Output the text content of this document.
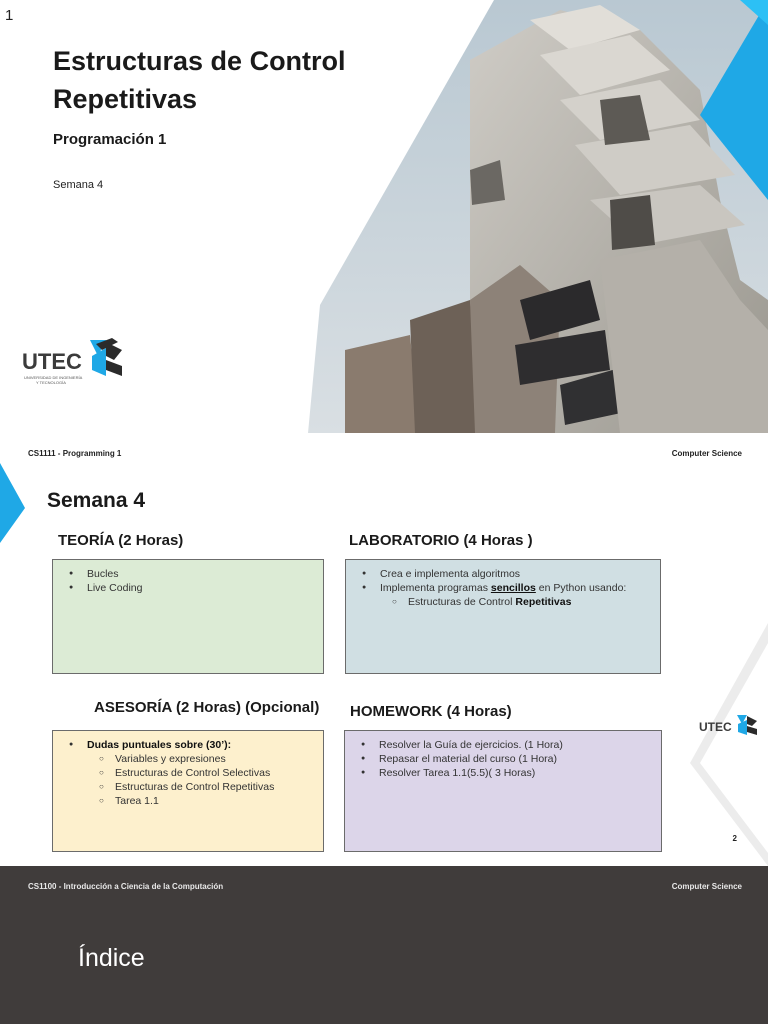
1
Estructuras de Control
Repetitivas
Programación 1
Semana 4
UTEC
UNIVERSIDAD DE INGENIERÍA
Y TECNOLOGÍA
CS1111 - Programming 1	Computer Science
Semana 4
TEORÍA (2 Horas)
● Bucles
● Live Coding
LABORATORIO (4 Horas )
● Crea e implementa algoritmos
● Implementa programas sencillos en Python usando:
○ Estructuras de Control Repetitivas
ASESORÍA (2 Horas) (Opcional)
● Dudas puntuales sobre (30’):
○ Variables y expresiones
○ Estructuras de Control Selectivas
○ Estructuras de Control Repetitivas
○ Tarea 1.1
HOMEWORK (4 Horas)
● Resolver la Guía de ejercicios. (1 Hora)
● Repasar el material del curso (1 Hora)
● Resolver Tarea 1.1(5.5)( 3 Horas)
UTEC
2
CS1100 - Introducción a Ciencia de la Computación	Computer Science
Índice
